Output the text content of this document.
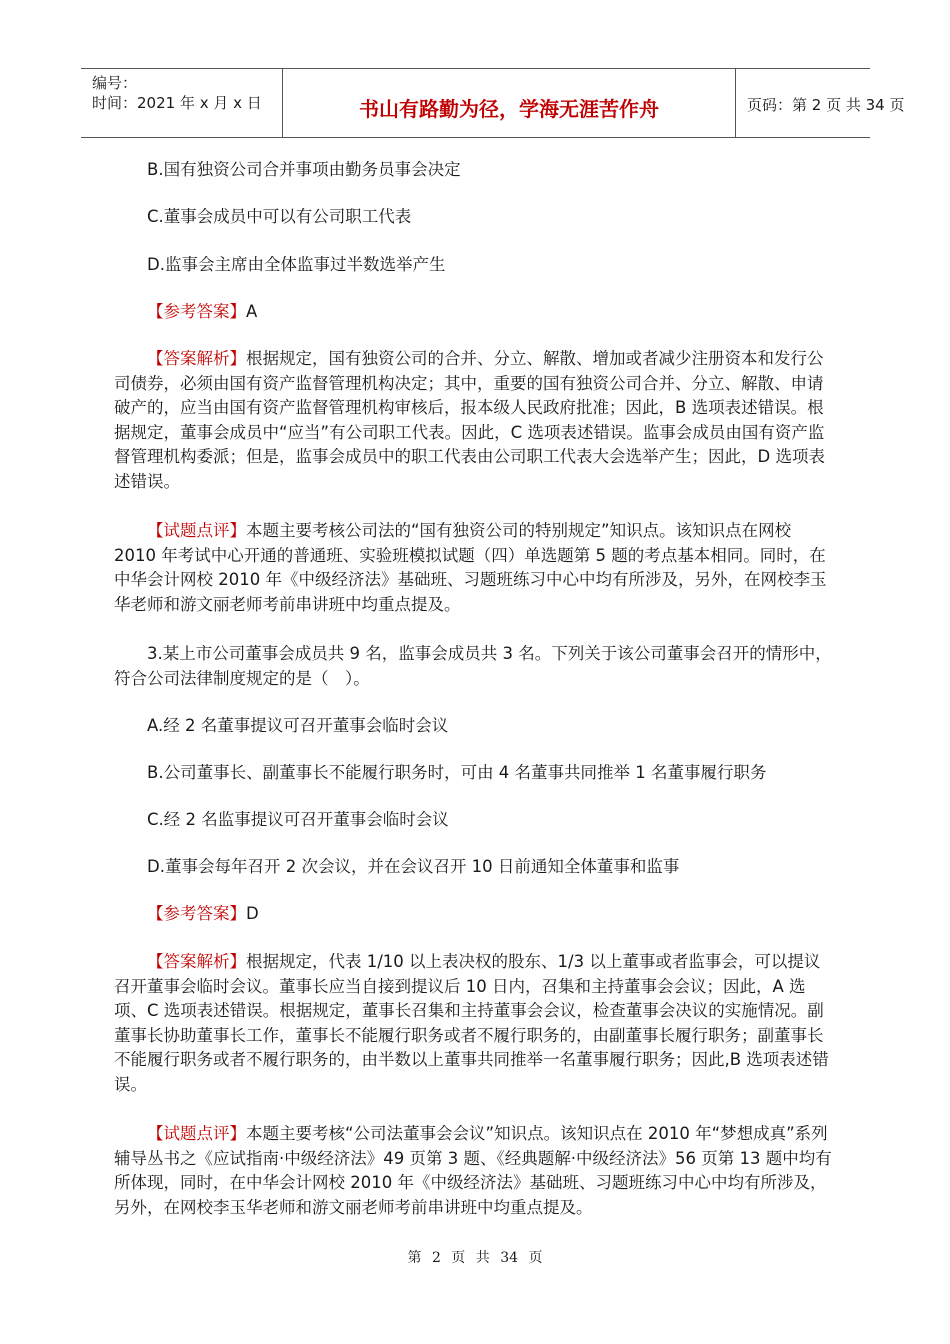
编号：
时间：2021 年 x 月 x 日	书山有路勤为径，学海无涯苦作舟	页码：第 2 页 共 34 页

B.国有独资公司合并事项由勤务员事会决定

C.董事会成员中可以有公司职工代表

D.监事会主席由全体监事过半数选举产生

【参考答案】A

【答案解析】根据规定，国有独资公司的合并、分立、解散、增加或者减少注册资本和发行公司债券，必须由国有资产监督管理机构决定；其中，重要的国有独资公司合并、分立、解散、申请破产的，应当由国有资产监督管理机构审核后，报本级人民政府批准；因此，B 选项表述错误。根据规定，董事会成员中“应当”有公司职工代表。因此，C 选项表述错误。监事会成员由国有资产监督管理机构委派；但是，监事会成员中的职工代表由公司职工代表大会选举产生；因此，D 选项表述错误。

【试题点评】本题主要考核公司法的“国有独资公司的特别规定”知识点。该知识点在网校 2010 年考试中心开通的普通班、实验班模拟试题（四）单选题第 5 题的考点基本相同。同时，在中华会计网校 2010 年《中级经济法》基础班、习题班练习中心中均有所涉及，另外，在网校李玉华老师和游文丽老师考前串讲班中均重点提及。

3.某上市公司董事会成员共 9 名，监事会成员共 3 名。下列关于该公司董事会召开的情形中，符合公司法律制度规定的是（　）。

A.经 2 名董事提议可召开董事会临时会议

B.公司董事长、副董事长不能履行职务时，可由 4 名董事共同推举 1 名董事履行职务

C.经 2 名监事提议可召开董事会临时会议

D.董事会每年召开 2 次会议，并在会议召开 10 日前通知全体董事和监事

【参考答案】D

【答案解析】根据规定，代表 1/10 以上表决权的股东、1/3 以上董事或者监事会，可以提议召开董事会临时会议。董事长应当自接到提议后 10 日内，召集和主持董事会会议；因此，A 选项、C 选项表述错误。根据规定，董事长召集和主持董事会会议，检查董事会决议的实施情况。副董事长协助董事长工作，董事长不能履行职务或者不履行职务的，由副董事长履行职务；副董事长不能履行职务或者不履行职务的，由半数以上董事共同推举一名董事履行职务；因此,B 选项表述错误。

【试题点评】本题主要考核“公司法董事会会议”知识点。该知识点在 2010 年“梦想成真”系列辅导丛书之《应试指南·中级经济法》49 页第 3 题、《经典题解·中级经济法》56 页第 13 题中均有所体现，同时，在中华会计网校 2010 年《中级经济法》基础班、习题班练习中心中均有所涉及，另外，在网校李玉华老师和游文丽老师考前串讲班中均重点提及。

第 2 页 共 34 页
